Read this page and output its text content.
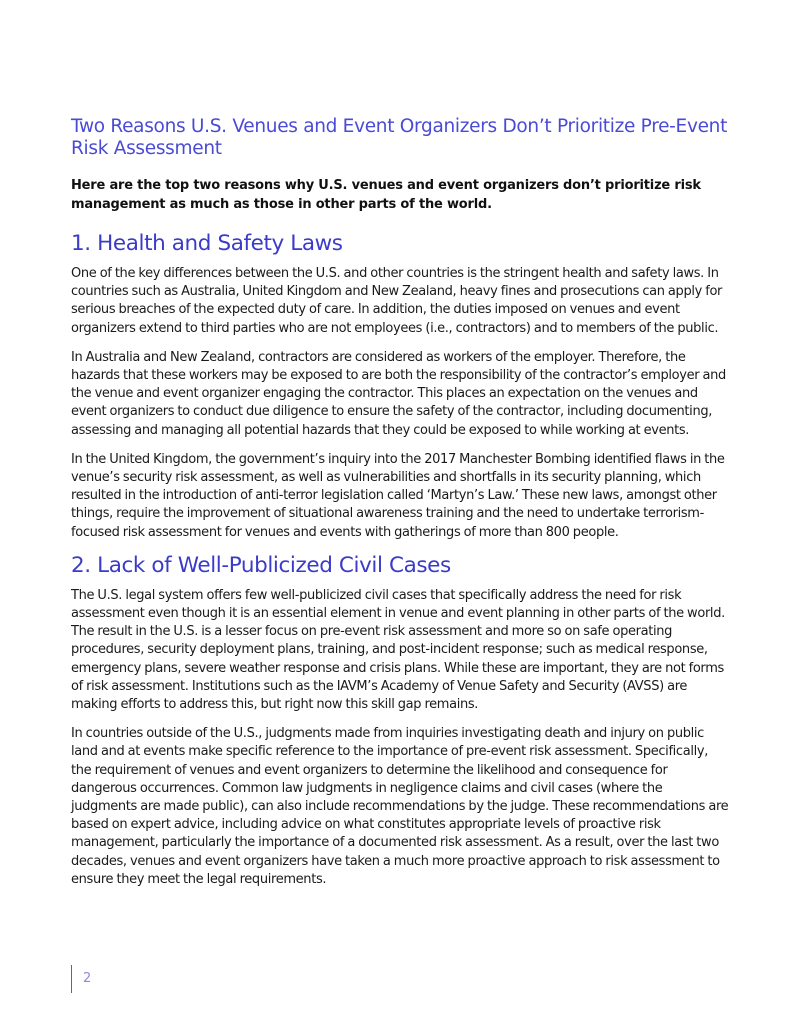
Two Reasons U.S. Venues and Event Organizers Don’t Prioritize Pre-Event Risk Assessment

Here are the top two reasons why U.S. venues and event organizers don’t prioritize risk management as much as those in other parts of the world.

1. Health and Safety Laws

One of the key differences between the U.S. and other countries is the stringent health and safety laws. In countries such as Australia, United Kingdom and New Zealand, heavy fines and prosecutions can apply for serious breaches of the expected duty of care. In addition, the duties imposed on venues and event organizers extend to third parties who are not employees (i.e., contractors) and to members of the public.

In Australia and New Zealand, contractors are considered as workers of the employer. Therefore, the hazards that these workers may be exposed to are both the responsibility of the contractor’s employer and the venue and event organizer engaging the contractor. This places an expectation on the venues and event organizers to conduct due diligence to ensure the safety of the contractor, including documenting, assessing and managing all potential hazards that they could be exposed to while working at events.

In the United Kingdom, the government’s inquiry into the 2017 Manchester Bombing identified flaws in the venue’s security risk assessment, as well as vulnerabilities and shortfalls in its security planning, which resulted in the introduction of anti-terror legislation called ‘Martyn’s Law.’ These new laws, amongst other things, require the improvement of situational awareness training and the need to undertake terrorism-focused risk assessment for venues and events with gatherings of more than 800 people.

2. Lack of Well-Publicized Civil Cases

The U.S. legal system offers few well-publicized civil cases that specifically address the need for risk assessment even though it is an essential element in venue and event planning in other parts of the world. The result in the U.S. is a lesser focus on pre-event risk assessment and more so on safe operating procedures, security deployment plans, training, and post-incident response; such as medical response, emergency plans, severe weather response and crisis plans. While these are important, they are not forms of risk assessment. Institutions such as the IAVM’s Academy of Venue Safety and Security (AVSS) are making efforts to address this, but right now this skill gap remains.

In countries outside of the U.S., judgments made from inquiries investigating death and injury on public land and at events make specific reference to the importance of pre-event risk assessment. Specifically, the requirement of venues and event organizers to determine the likelihood and consequence for dangerous occurrences. Common law judgments in negligence claims and civil cases (where the judgments are made public), can also include recommendations by the judge. These recommendations are based on expert advice, including advice on what constitutes appropriate levels of proactive risk management, particularly the importance of a documented risk assessment. As a result, over the last two decades, venues and event organizers have taken a much more proactive approach to risk assessment to ensure they meet the legal requirements.

2
